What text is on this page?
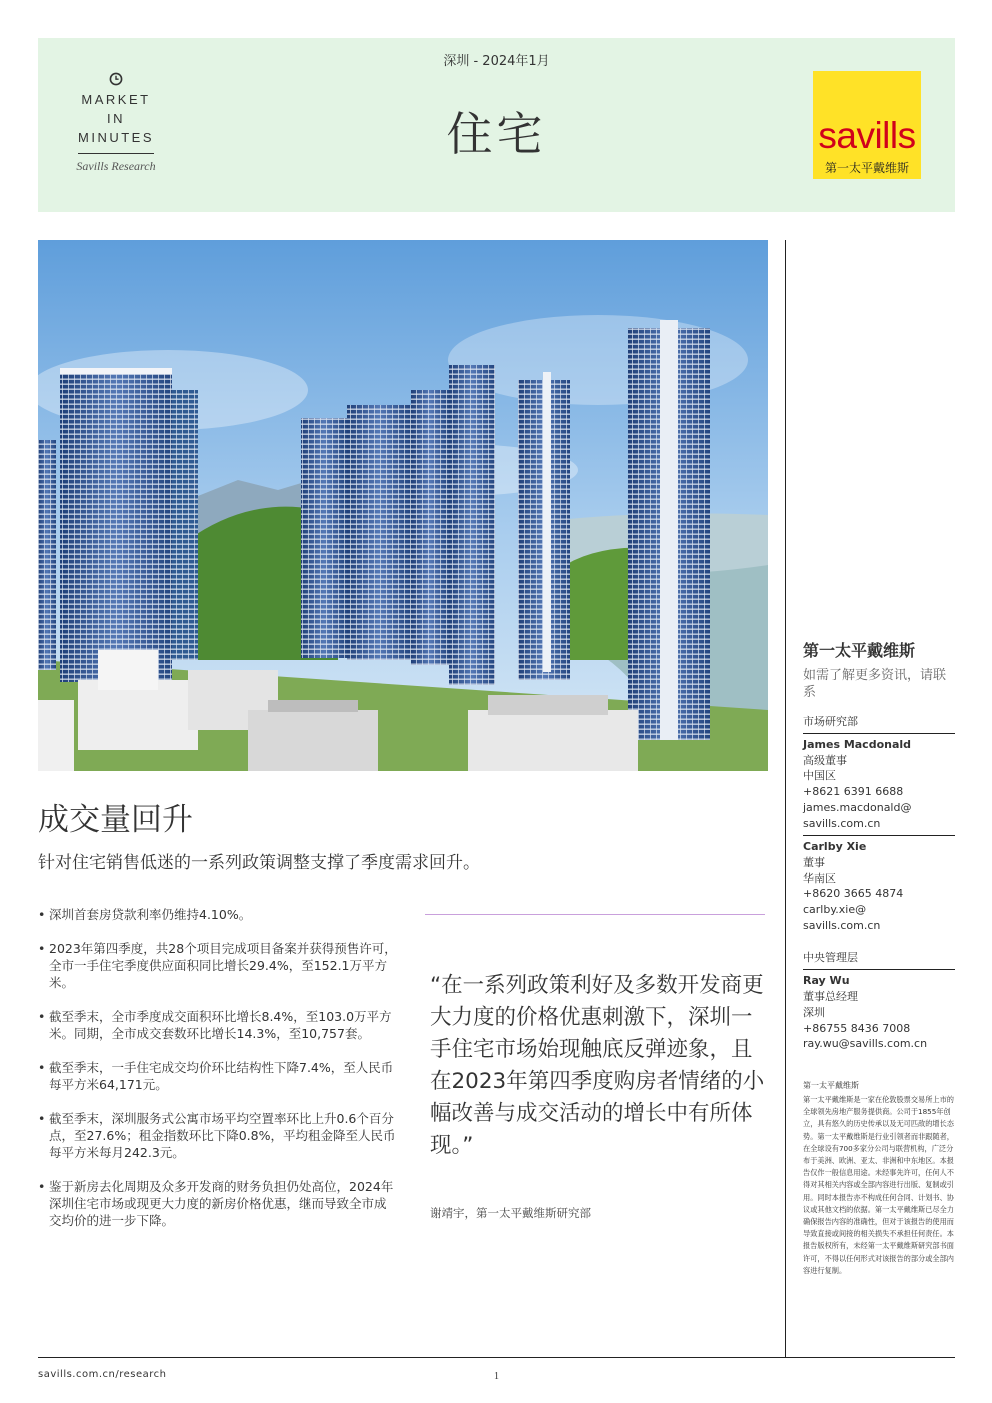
MARKET
IN
MINUTES
Savills Research
深圳 - 2024年1月
住宅	savills
第一太平戴维斯
成交量回升
针对住宅销售低迷的一系列政策调整支撑了季度需求回升。
• 深圳首套房贷款利率仍维持4.10%。
• 2023年第四季度，共28个项目完成项目备案并获得预售许可，全市一手住宅季度供应面积同比增长29.4%，至152.1万平方米。
• 截至季末，全市季度成交面积环比增长8.4%，至103.0万平方米。同期，全市成交套数环比增长14.3%，至10,757套。
• 截至季末，一手住宅成交均价环比结构性下降7.4%，至人民币每平方米64,171元。
• 截至季末，深圳服务式公寓市场平均空置率环比上升0.6个百分点，至27.6%；租金指数环比下降0.8%，平均租金降至人民币每平方米每月242.3元。
• 鉴于新房去化周期及众多开发商的财务负担仍处高位，2024年深圳住宅市场或现更大力度的新房价格优惠，继而导致全市成交均价的进一步下降。
“在一系列政策利好及多数开发商更大力度的价格优惠刺激下，深圳一手住宅市场始现触底反弹迹象，且在2023年第四季度购房者情绪的小幅改善与成交活动的增长中有所体现。”
谢靖宇，第一太平戴维斯研究部
第一太平戴维斯
如需了解更多资讯，请联系
市场研究部
James Macdonald
高级董事
中国区
+8621 6391 6688
james.macdonald@
savills.com.cn
Carlby Xie
董事
华南区
+8620 3665 4874
carlby.xie@
savills.com.cn
中央管理层
Ray Wu
董事总经理
深圳
+86755 8436 7008
ray.wu@savills.com.cn
第一太平戴维斯
第一太平戴维斯是一家在伦敦股票交易所上市的全球领先房地产服务提供商。公司于1855年创立，具有悠久的历史传承以及无可匹敌的增长态势。第一太平戴维斯是行业引领者而非跟随者，在全球设有700多家分公司与联营机构，广泛分布于美洲、欧洲、亚太、非洲和中东地区。本报告仅作一般信息用途。未经事先许可，任何人不得对其相关内容或全部内容进行出版、复制或引用。同时本报告亦不构成任何合同、计划书、协议或其他文档的依据。第一太平戴维斯已尽全力确保报告内容的准确性，但对于该报告的使用而导致直接或间接的相关损失不承担任何责任。本报告版权所有，未经第一太平戴维斯研究部书面许可，不得以任何形式对该报告的部分或全部内容进行复制。
savills.com.cn/research	1
